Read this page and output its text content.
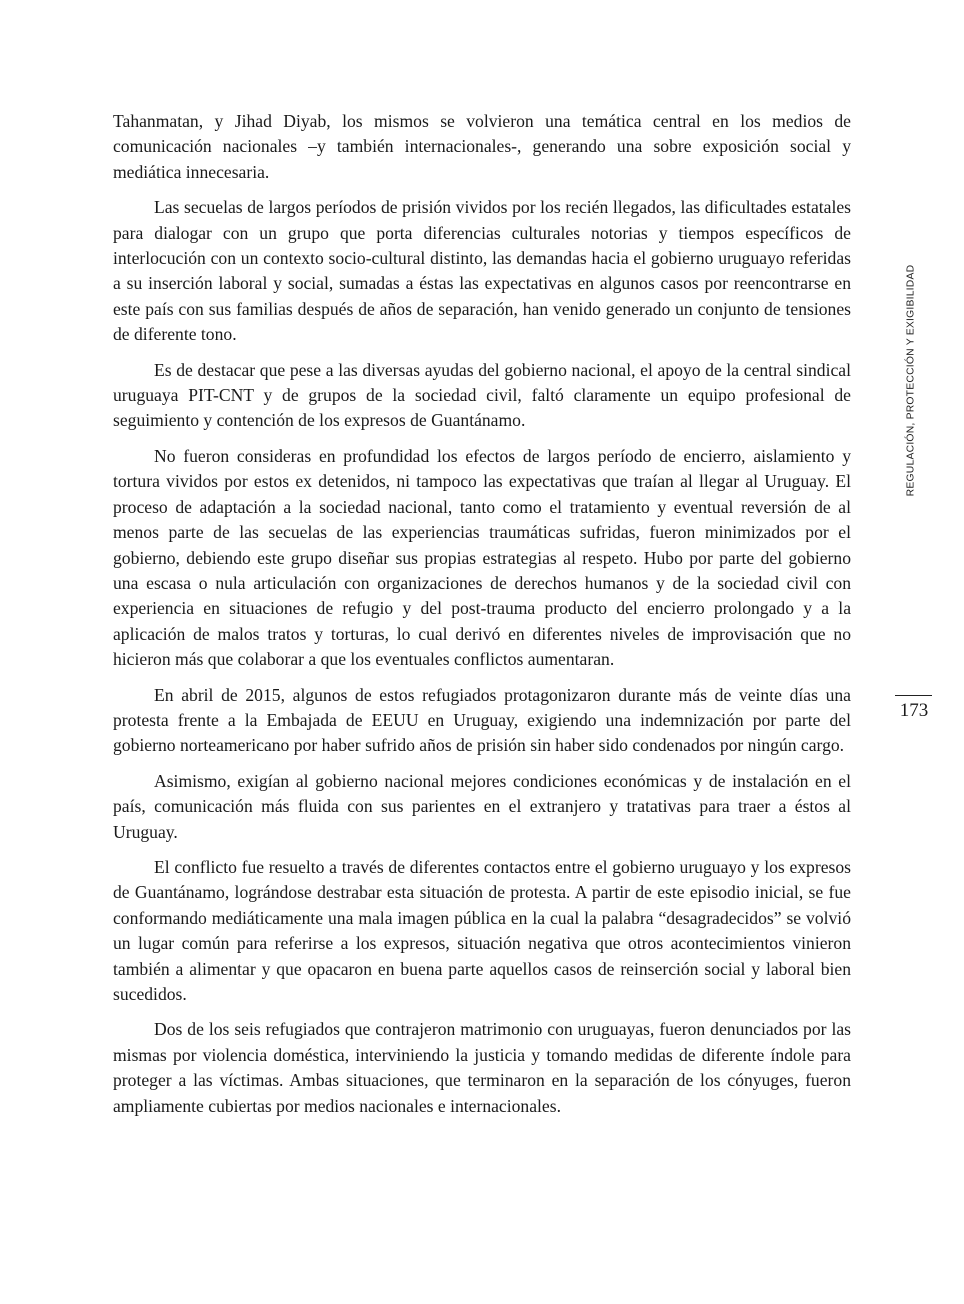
Tahanmatan, y Jihad Diyab, los mismos se volvieron una temática central en los medios de comunicación nacionales –y también internacionales-, generando una sobre exposición social y mediática innecesaria.

Las secuelas de largos períodos de prisión vividos por los recién llegados, las dificultades estatales para dialogar con un grupo que porta diferencias culturales notorias y tiempos específicos de interlocución con un contexto socio-cultural distinto, las demandas hacia el gobierno uruguayo referidas a su inserción laboral y social, sumadas a éstas las expectativas en algunos casos por reencontrarse en este país con sus familias después de años de separación, han venido generado un conjunto de tensiones de diferente tono.

Es de destacar que pese a las diversas ayudas del gobierno nacional, el apoyo de la central sindical uruguaya PIT-CNT y de grupos de la sociedad civil, faltó claramente un equipo profesional de seguimiento y contención de los expresos de Guantánamo.

No fueron consideras en profundidad los efectos de largos período de encierro, aislamiento y tortura vividos por estos ex detenidos, ni tampoco las expectativas que traían al llegar al Uruguay. El proceso de adaptación a la sociedad nacional, tanto como el tratamiento y eventual reversión de al menos parte de las secuelas de las experiencias traumáticas sufridas, fueron minimizados por el gobierno, debiendo este grupo diseñar sus propias estrategias al respeto. Hubo por parte del gobierno una escasa o nula articulación con organizaciones de derechos humanos y de la sociedad civil con experiencia en situaciones de refugio y del post-trauma producto del encierro prolongado y a la aplicación de malos tratos y torturas, lo cual derivó en diferentes niveles de improvisación que no hicieron más que colaborar a que los eventuales conflictos aumentaran.

En abril de 2015, algunos de estos refugiados protagonizaron durante más de veinte días una protesta frente a la Embajada de EEUU en Uruguay, exigiendo una indemnización por parte del gobierno norteamericano por haber sufrido años de prisión sin haber sido condenados por ningún cargo.

Asimismo, exigían al gobierno nacional mejores condiciones económicas y de instalación en el país, comunicación más fluida con sus parientes en el extranjero y tratativas para traer a éstos al Uruguay.

El conflicto fue resuelto a través de diferentes contactos entre el gobierno uruguayo y los expresos de Guantánamo, lográndose destrabar esta situación de protesta. A partir de este episodio inicial, se fue conformando mediáticamente una mala imagen pública en la cual la palabra “desagradecidos” se volvió un lugar común para referirse a los expresos, situación negativa que otros acontecimientos vinieron también a alimentar y que opacaron en buena parte aquellos casos de reinserción social y laboral bien sucedidos.

Dos de los seis refugiados que contrajeron matrimonio con uruguayas, fueron denunciados por las mismas por violencia doméstica, interviniendo la justicia y tomando medidas de diferente índole para proteger a las víctimas. Ambas situaciones, que terminaron en la separación de los cónyuges, fueron ampliamente cubiertas por medios nacionales e internacionales.

REGULACIÓN, PROTECCIÓN Y EXIGIBILIDAD
173
